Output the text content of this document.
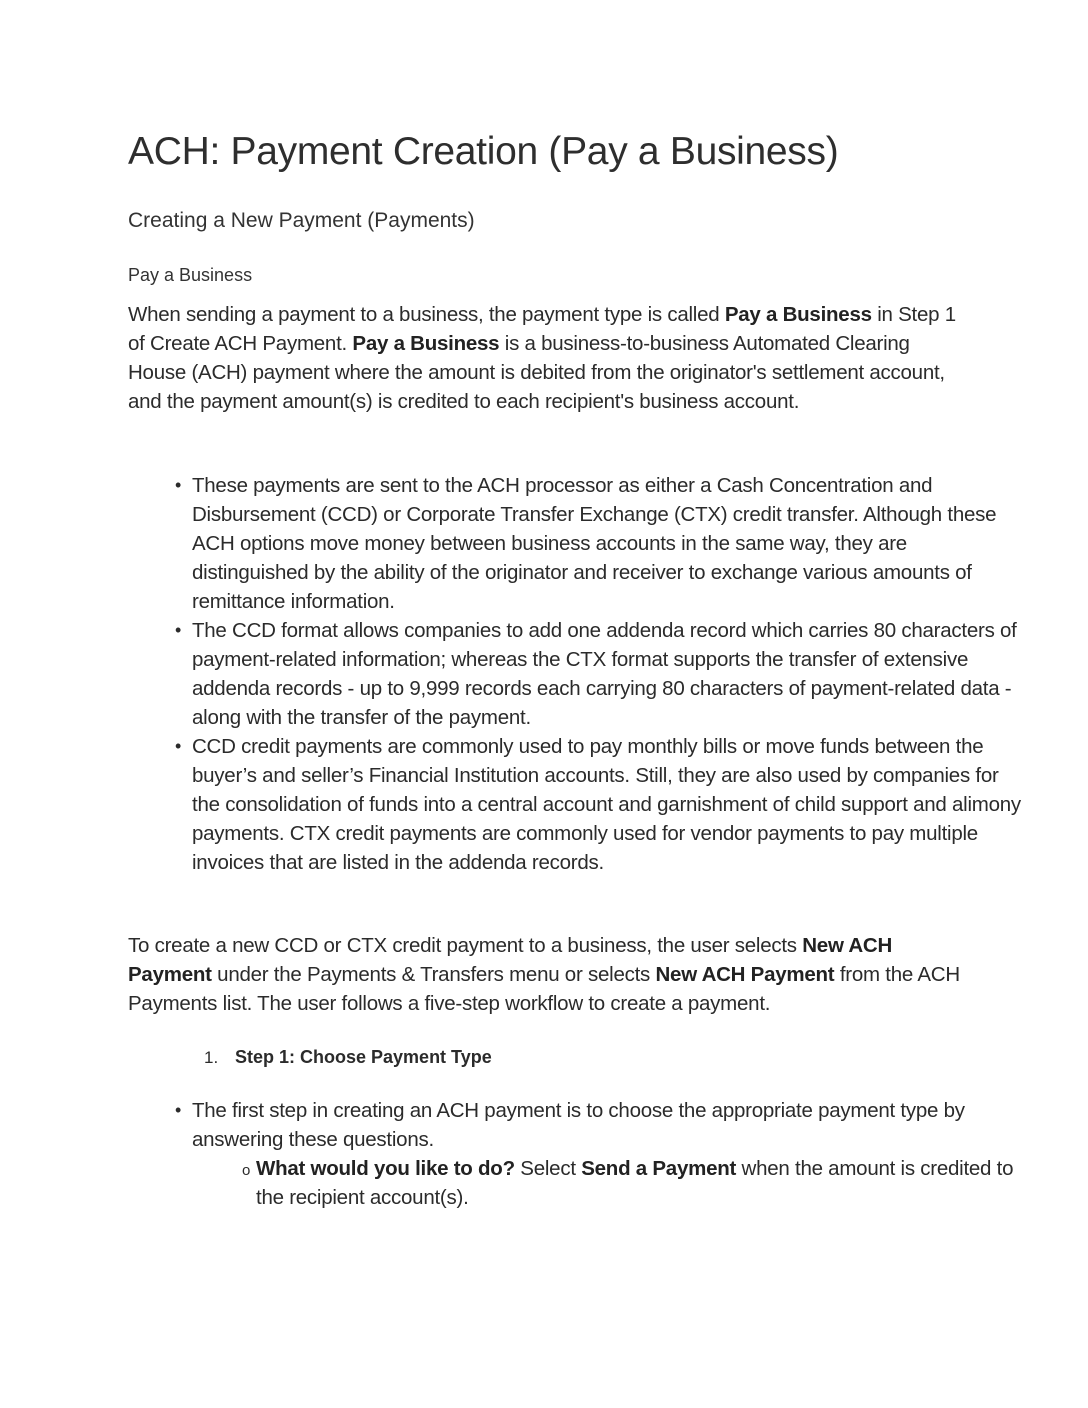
ACH: Payment Creation (Pay a Business)
Creating a New Payment (Payments)
Pay a Business

When sending a payment to a business, the payment type is called Pay a Business in Step 1 of Create ACH Payment. Pay a Business is a business-to-business Automated Clearing House (ACH) payment where the amount is debited from the originator's settlement account, and the payment amount(s) is credited to each recipient's business account.

• These payments are sent to the ACH processor as either a Cash Concentration and Disbursement (CCD) or Corporate Transfer Exchange (CTX) credit transfer. Although these ACH options move money between business accounts in the same way, they are distinguished by the ability of the originator and receiver to exchange various amounts of remittance information.
• The CCD format allows companies to add one addenda record which carries 80 characters of payment-related information; whereas the CTX format supports the transfer of extensive addenda records - up to 9,999 records each carrying 80 characters of payment-related data - along with the transfer of the payment.
• CCD credit payments are commonly used to pay monthly bills or move funds between the buyer’s and seller’s Financial Institution accounts. Still, they are also used by companies for the consolidation of funds into a central account and garnishment of child support and alimony payments. CTX credit payments are commonly used for vendor payments to pay multiple invoices that are listed in the addenda records.

To create a new CCD or CTX credit payment to a business, the user selects New ACH Payment under the Payments & Transfers menu or selects New ACH Payment from the ACH Payments list. The user follows a five-step workflow to create a payment.

1. Step 1: Choose Payment Type
• The first step in creating an ACH payment is to choose the appropriate payment type by answering these questions.
o What would you like to do? Select Send a Payment when the amount is credited to the recipient account(s).
